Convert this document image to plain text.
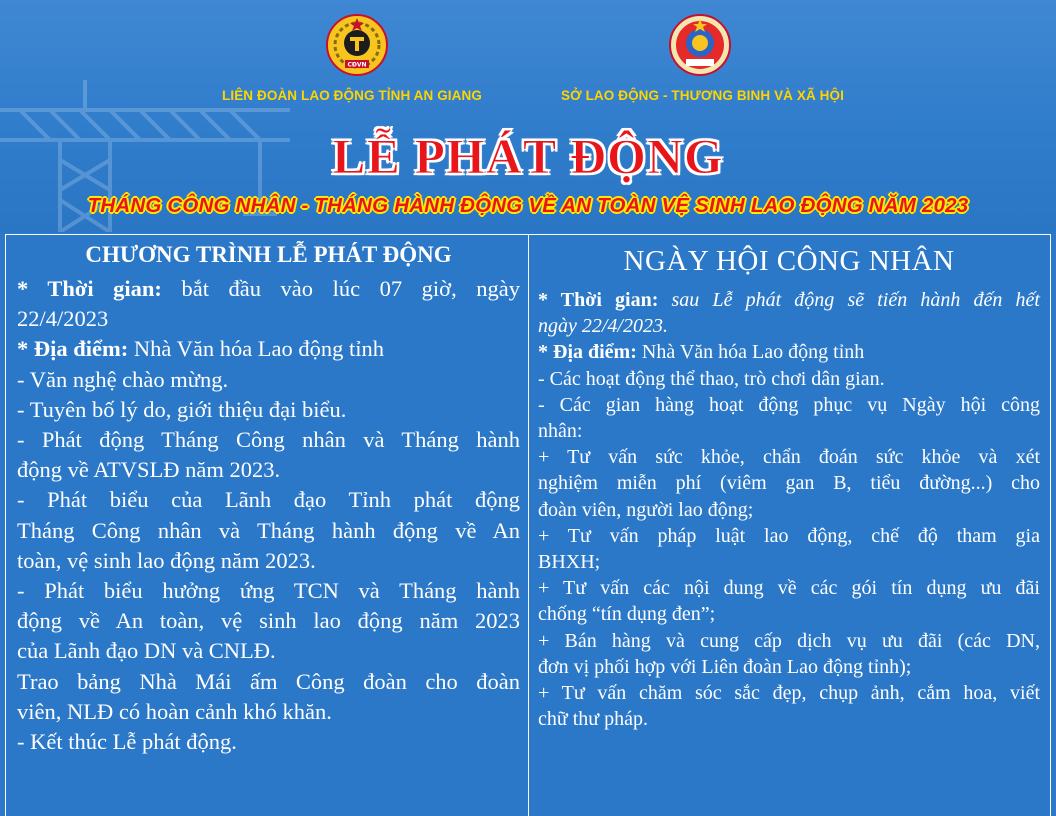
CĐVN
LIÊN ĐOÀN LAO ĐỘNG TỈNH AN GIANG	SỞ LAO ĐỘNG - THƯƠNG BINH VÀ XÃ HỘI
LỄ PHÁT ĐỘNG
THÁNG CÔNG NHÂN - THÁNG HÀNH ĐỘNG VỀ AN TOÀN VỆ SINH LAO ĐỘNG NĂM 2023
CHƯƠNG TRÌNH LỄ PHÁT ĐỘNG
* Thời gian: bắt đầu vào lúc 07 giờ, ngày
22/4/2023
* Địa điểm: Nhà Văn hóa Lao động tỉnh
- Văn nghệ chào mừng.
- Tuyên bố lý do, giới thiệu đại biểu.
- Phát động Tháng Công nhân và Tháng hành
động về ATVSLĐ năm 2023.
- Phát biểu của Lãnh đạo Tỉnh phát động
Tháng Công nhân và Tháng hành động về An
toàn, vệ sinh lao động năm 2023.
- Phát biểu hưởng ứng TCN và Tháng hành
động về An toàn, vệ sinh lao động năm 2023
của Lãnh đạo DN và CNLĐ.
Trao bảng Nhà Mái ấm Công đoàn cho đoàn
viên, NLĐ có hoàn cảnh khó khăn.
- Kết thúc Lễ phát động.
NGÀY HỘI CÔNG NHÂN
* Thời gian: sau Lễ phát động sẽ tiến hành đến hết
ngày 22/4/2023.
* Địa điểm: Nhà Văn hóa Lao động tỉnh
- Các hoạt động thể thao, trò chơi dân gian.
- Các gian hàng hoạt động phục vụ Ngày hội công
nhân:
+ Tư vấn sức khỏe, chẩn đoán sức khỏe và xét
nghiệm miễn phí (viêm gan B, tiểu đường...) cho
đoàn viên, người lao động;
+ Tư vấn pháp luật lao động, chế độ tham gia
BHXH;
+ Tư vấn các nội dung về các gói tín dụng ưu đãi
chống “tín dụng đen”;
+ Bán hàng và cung cấp dịch vụ ưu đãi (các DN,
đơn vị phối hợp với Liên đoàn Lao động tỉnh);
+ Tư vấn chăm sóc sắc đẹp, chụp ảnh, cắm hoa, viết
chữ thư pháp.
